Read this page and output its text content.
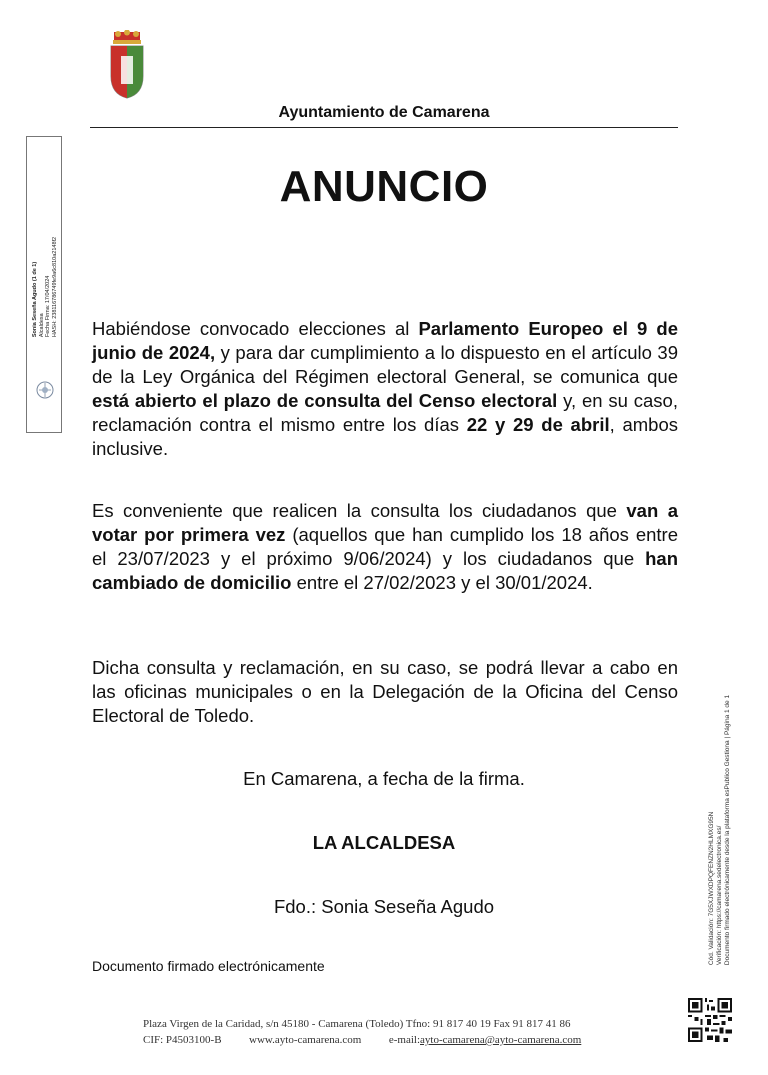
Ayuntamiento de Camarena
ANUNCIO
Habiéndose convocado elecciones al Parlamento Europeo el 9 de junio de 2024, y para dar cumplimiento a lo dispuesto en el artículo 39 de la Ley Orgánica del Régimen electoral General, se comunica que está abierto el plazo de consulta del Censo electoral y, en su caso, reclamación contra el mismo entre los días 22 y 29 de abril, ambos inclusive.
Es conveniente que realicen la consulta los ciudadanos que van a votar por primera vez (aquellos que han cumplido los 18 años entre el 23/07/2023 y el próximo 9/06/2024) y los ciudadanos que han cambiado de domicilio entre el 27/02/2023 y el 30/01/2024.
Dicha consulta y reclamación, en su caso, se podrá llevar a cabo en las oficinas municipales o en la Delegación de la Oficina del Censo Electoral de Toledo.
En Camarena, a fecha de la firma.
LA ALCALDESA
Fdo.: Sonia Seseña Agudo
Documento firmado electrónicamente
Plaza Virgen de la Caridad, s/n 45180 - Camarena (Toledo) Tfno: 91 817 40 19 Fax 91 817 41 86
CIF: P4503100-B	www.ayto-camarena.com	e-mail:ayto-camarena@ayto-camarena.com
Sonia Seseña Agudo (1 de 1) Alcaldesa Fecha Firma: 17/04/2024 HASH: 238116786749fe9a6c810a2148f2
Cód. Validación: 7G5XJWXDPQFENZN2HLMXG95N Verificación: https://camarena.sedelectronica.es/ Documento firmado electrónicamente desde la plataforma esPublico Gestiona | Página 1 de 1
